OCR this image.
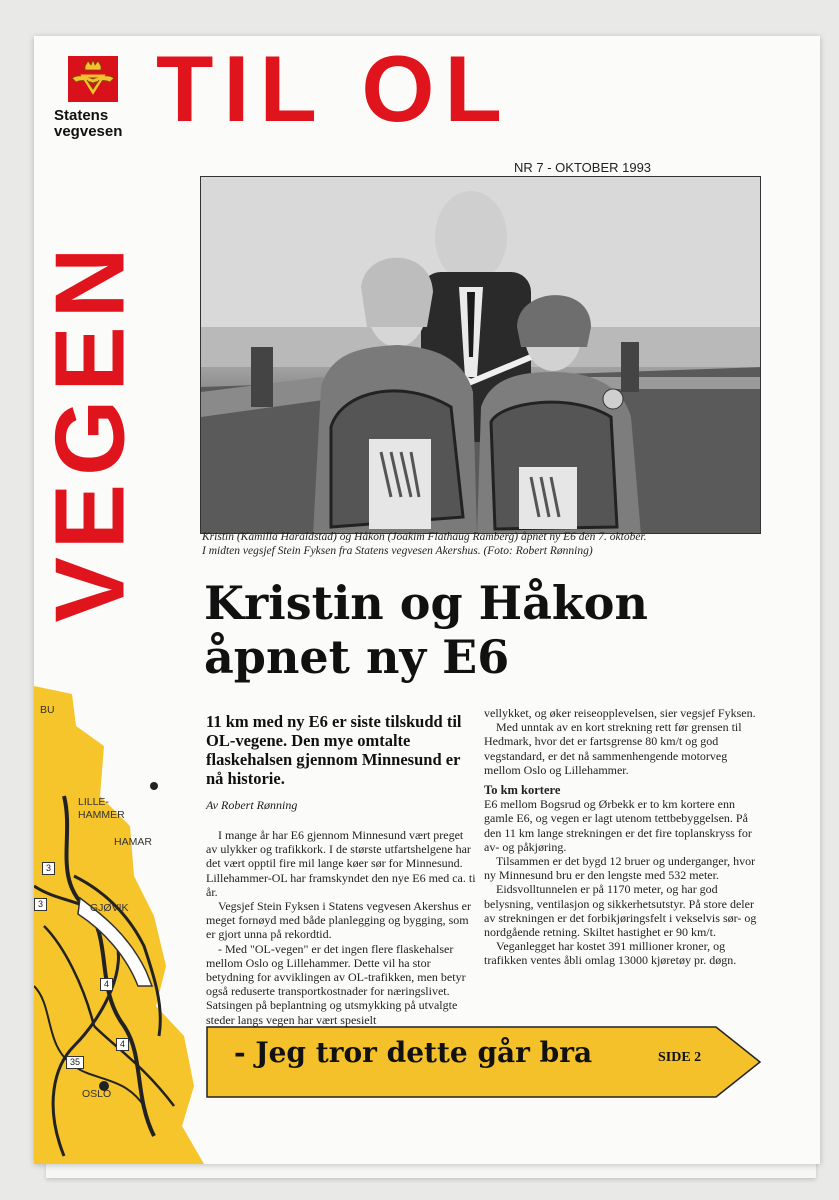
Statens
vegvesen TIL OL
VEGEN
NR 7 - OKTOBER 1993
Kristin (Kamilla Haraldstad) og Håkon (Joakim Flathaug Ramberg) åpnet ny E6 den 7. oktober.
I midten vegsjef Stein Fyksen fra Statens vegvesen Akershus. (Foto: Robert Rønning)
Kristin og Håkon
åpnet ny E6
11 km med ny E6 er siste tilskudd til OL-vegene. Den mye omtalte flaskehalsen gjennom Minnesund er nå historie.
Av Robert Rønning

I mange år har E6 gjennom Minnesund vært preget av ulykker og trafikkork. I de største utfartshelgene har det vært opptil fire mil lange køer sør for Minnesund. Lillehammer-OL har framskyndet den nye E6 med ca. ti år.

Vegsjef Stein Fyksen i Statens vegvesen Akershus er meget fornøyd med både planlegging og bygging, som er gjort unna på rekordtid.

- Med "OL-vegen" er det ingen flere flaskehalser mellom Oslo og Lillehammer. Dette vil ha stor betydning for avviklingen av OL-trafikken, men betyr også reduserte transportkostnader for næringslivet. Satsingen på beplantning og utsmykking på utvalgte steder langs vegen har vært spesielt

vellykket, og øker reiseopplevelsen, sier vegsjef Fyksen.

Med unntak av en kort strekning rett før grensen til Hedmark, hvor det er fartsgrense 80 km/t og god vegstandard, er det nå sammenhengende motorveg mellom Oslo og Lillehammer.

To km kortere

E6 mellom Bogsrud og Ørbekk er to km kortere enn gamle E6, og vegen er lagt utenom tettbebyggelsen. På den 11 km lange strekningen er det fire toplanskryss for av- og påkjøring.

Tilsammen er det bygd 12 bruer og underganger, hvor ny Minnesund bru er den lengste med 532 meter.

Eidsvolltunnelen er på 1170 meter, og har god belysning, ventilasjon og sikkerhetsutstyr. På store deler av strekningen er det forbikjøringsfelt i vekselvis sør- og nordgående retning. Skiltet hastighet er 90 km/t.

Veganlegget har kostet 391 millioner kroner, og trafikken ventes åbli omlag 13000 kjøretøy pr. døgn.

- Jeg tror dette går bra	SIDE 2
BU
LILLE-
HAMMER
HAMAR
GJØVIK
OSLO
3
3
4
35
4
